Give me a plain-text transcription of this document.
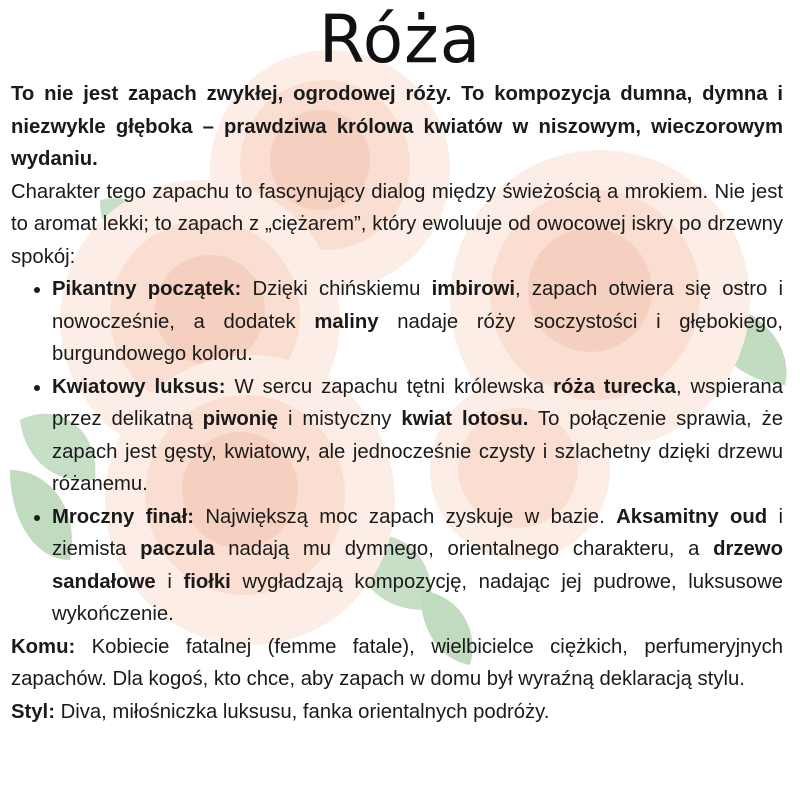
Róża

To nie jest zapach zwykłej, ogrodowej róży. To kompozycja dumna, dymna i niezwykle głęboka – prawdziwa królowa kwiatów w niszowym, wieczorowym wydaniu.

Charakter tego zapachu to fascynujący dialog między świeżością a mrokiem. Nie jest to aromat lekki; to zapach z „ciężarem”, który ewoluuje od owocowej iskry po drzewny spokój:

• Pikantny początek: Dzięki chińskiemu imbirowi, zapach otwiera się ostro i nowocześnie, a dodatek maliny nadaje róży soczystości i głębokiego, burgundowego koloru.
• Kwiatowy luksus: W sercu zapachu tętni królewska róża turecka, wspierana przez delikatną piwonię i mistyczny kwiat lotosu. To połączenie sprawia, że zapach jest gęsty, kwiatowy, ale jednocześnie czysty i szlachetny dzięki drzewu różanemu.
• Mroczny finał: Największą moc zapach zyskuje w bazie. Aksamitny oud i ziemista paczula nadają mu dymnego, orientalnego charakteru, a drzewo sandałowe i fiołki wygładzają kompozycję, nadając jej pudrowe, luksusowe wykończenie.

Komu: Kobiecie fatalnej (femme fatale), wielbicielce ciężkich, perfumeryjnych zapachów. Dla kogoś, kto chce, aby zapach w domu był wyraźną deklaracją stylu.

Styl: Diva, miłośniczka luksusu, fanka orientalnych podróży.
